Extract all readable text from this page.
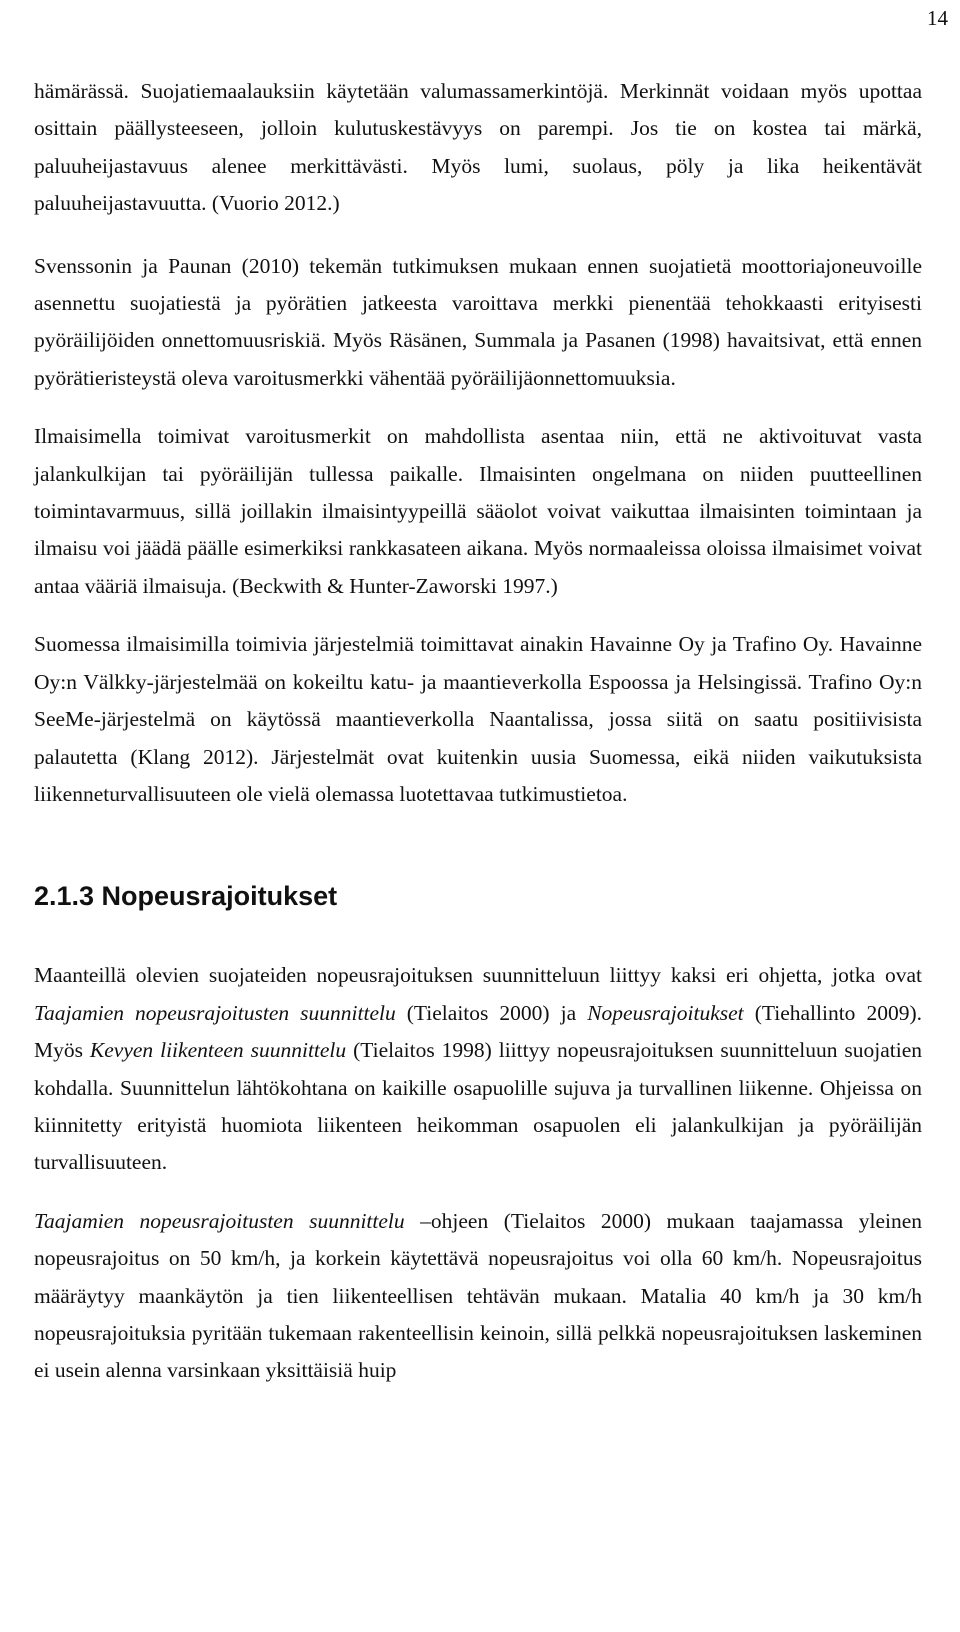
14

hämärässä. Suojatiemaalauksiin käytetään valumassamerkintöjä. Merkinnät voidaan myös upottaa osittain päällysteeseen, jolloin kulutuskestävyys on parempi. Jos tie on kostea tai märkä, paluuheijastavuus alenee merkittävästi. Myös lumi, suolaus, pöly ja lika heikentävät paluuheijastavuutta. (Vuorio 2012.)

Svenssonin ja Paunan (2010) tekemän tutkimuksen mukaan ennen suojatietä moottoriajoneuvoille asennettu suojatiestä ja pyörätien jatkeesta varoittava merkki pienentää tehokkaasti erityisesti pyöräilijöiden onnettomuusriskiä. Myös Räsänen, Summala ja Pasanen (1998) havaitsivat, että ennen pyörätieristeystä oleva varoitusmerkki vähentää pyöräilijäonnettomuuksia.

Ilmaisimella toimivat varoitusmerkit on mahdollista asentaa niin, että ne aktivoituvat vasta jalankulkijan tai pyöräilijän tullessa paikalle. Ilmaisinten ongelmana on niiden puutteellinen toimintavarmuus, sillä joillakin ilmaisintyypeillä sääolot voivat vaikuttaa ilmaisinten toimintaan ja ilmaisu voi jäädä päälle esimerkiksi rankkasateen aikana. Myös normaaleissa oloissa ilmaisimet voivat antaa vääriä ilmaisuja. (Beckwith & Hunter-Zaworski 1997.)

Suomessa ilmaisimilla toimivia järjestelmiä toimittavat ainakin Havainne Oy ja Trafino Oy. Havainne Oy:n Välkky-järjestelmää on kokeiltu katu- ja maantieverkolla Espoossa ja Helsingissä. Trafino Oy:n SeeMe-järjestelmä on käytössä maantieverkolla Naantalissa, jossa siitä on saatu positiivisista palautetta (Klang 2012). Järjestelmät ovat kuitenkin uusia Suomessa, eikä niiden vaikutuksista liikenneturvallisuuteen ole vielä olemassa luotettavaa tutkimustietoa.

2.1.3 Nopeusrajoitukset

Maanteillä olevien suojateiden nopeusrajoituksen suunnitteluun liittyy kaksi eri ohjetta, jotka ovat Taajamien nopeusrajoitusten suunnittelu (Tielaitos 2000) ja Nopeusrajoitukset (Tiehallinto 2009). Myös Kevyen liikenteen suunnittelu (Tielaitos 1998) liittyy nopeusrajoituksen suunnitteluun suojatien kohdalla. Suunnittelun lähtökohtana on kaikille osapuolille sujuva ja turvallinen liikenne. Ohjeissa on kiinnitetty erityistä huomiota liikenteen heikomman osapuolen eli jalankulkijan ja pyöräilijän turvallisuuteen.

Taajamien nopeusrajoitusten suunnittelu –ohjeen (Tielaitos 2000) mukaan taajamassa yleinen nopeusrajoitus on 50 km/h, ja korkein käytettävä nopeusrajoitus voi olla 60 km/h. Nopeusrajoitus määräytyy maankäytön ja tien liikenteellisen tehtävän mukaan. Matalia 40 km/h ja 30 km/h nopeusrajoituksia pyritään tukemaan rakenteellisin keinoin, sillä pelkkä nopeusrajoituksen laskeminen ei usein alenna varsinkaan yksittäisiä huip
